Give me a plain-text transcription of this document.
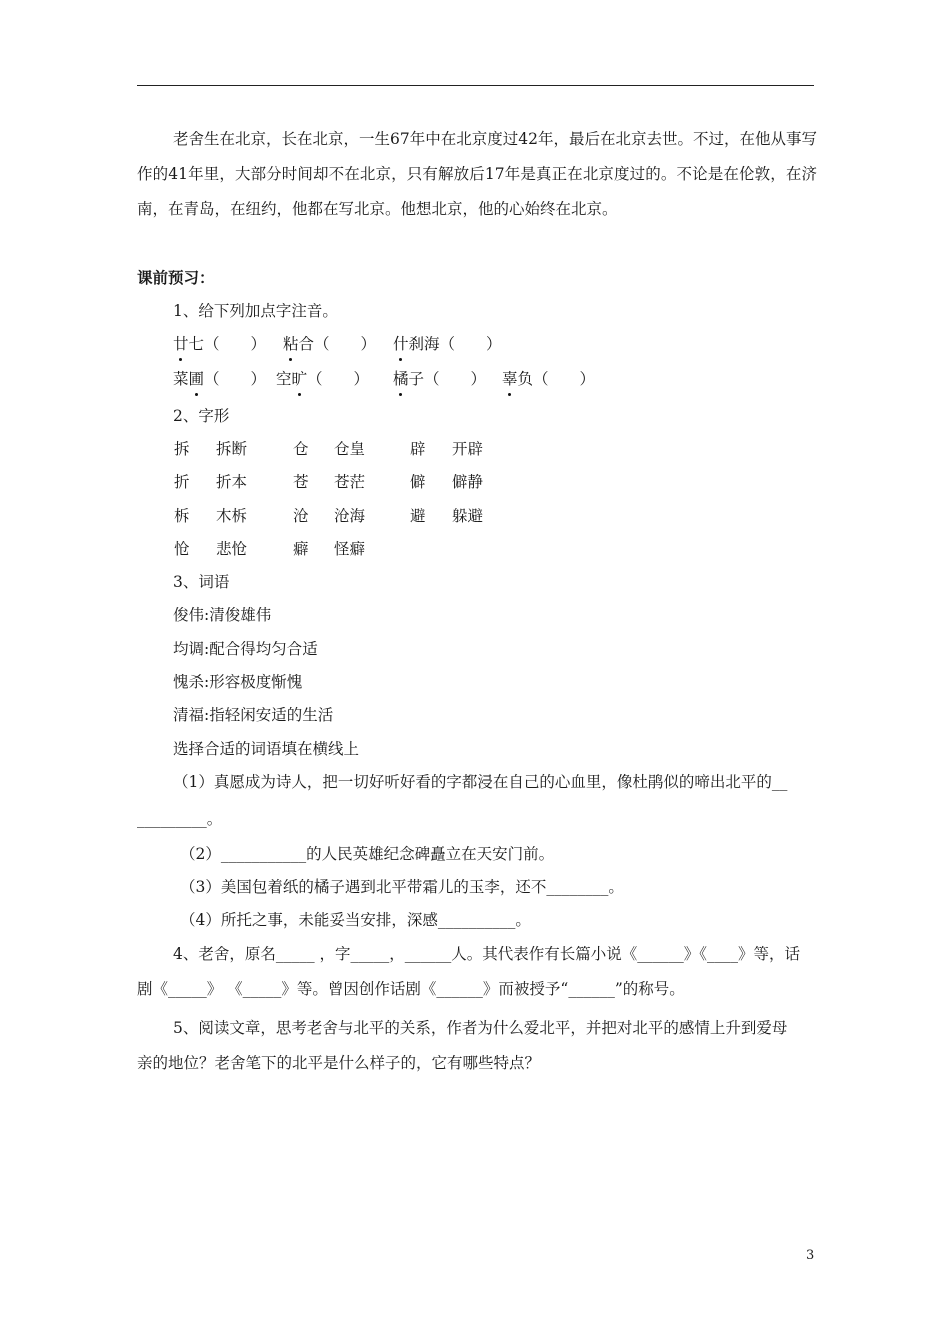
老舍生在北京，长在北京，一生67年中在北京度过42年，最后在北京去世。不过，在他从事写作的41年里，大部分时间却不在北京，只有解放后17年是真正在北京度过的。不论是在伦敦，在济南，在青岛，在纽约，他都在写北京。他想北京，他的心始终在北京。
课前预习：
1、给下列加点字注音。
廿七（　　） 粘合（　　） 什刹海（　　）
菜圃（　　） 空旷（　　） 橘子（　　） 辜负（　　）
2、字形
拆 拆断	仓 仓皇	辟 开辟
折 折本	苍 苍茫	僻 僻静
柝 木柝	沧 沧海	避 躲避
怆 悲怆	癖 怪癖
3、词语
俊伟:清俊雄伟
均调:配合得均匀合适
愧杀:形容极度惭愧
清福:指轻闲安适的生活
选择合适的词语填在横线上
（1）真愿成为诗人，把一切好听好看的字都浸在自己的心血里，像杜鹃似的啼出北平的__
_________。
（2）___________的人民英雄纪念碑矗立在天安门前。
（3）美国包着纸的橘子遇到北平带霜儿的玉李，还不________。
（4）所托之事，未能妥当安排，深感__________。
4、老舍，原名_____ ，字_____，______人。其代表作有长篇小说《______》《____》等，话
剧《_____》 《_____》等。曾因创作话剧《______》而被授予“______”的称号。
5、阅读文章，思考老舍与北平的关系，作者为什么爱北平，并把对北平的感情上升到爱母
亲的地位？老舍笔下的北平是什么样子的，它有哪些特点？
3
